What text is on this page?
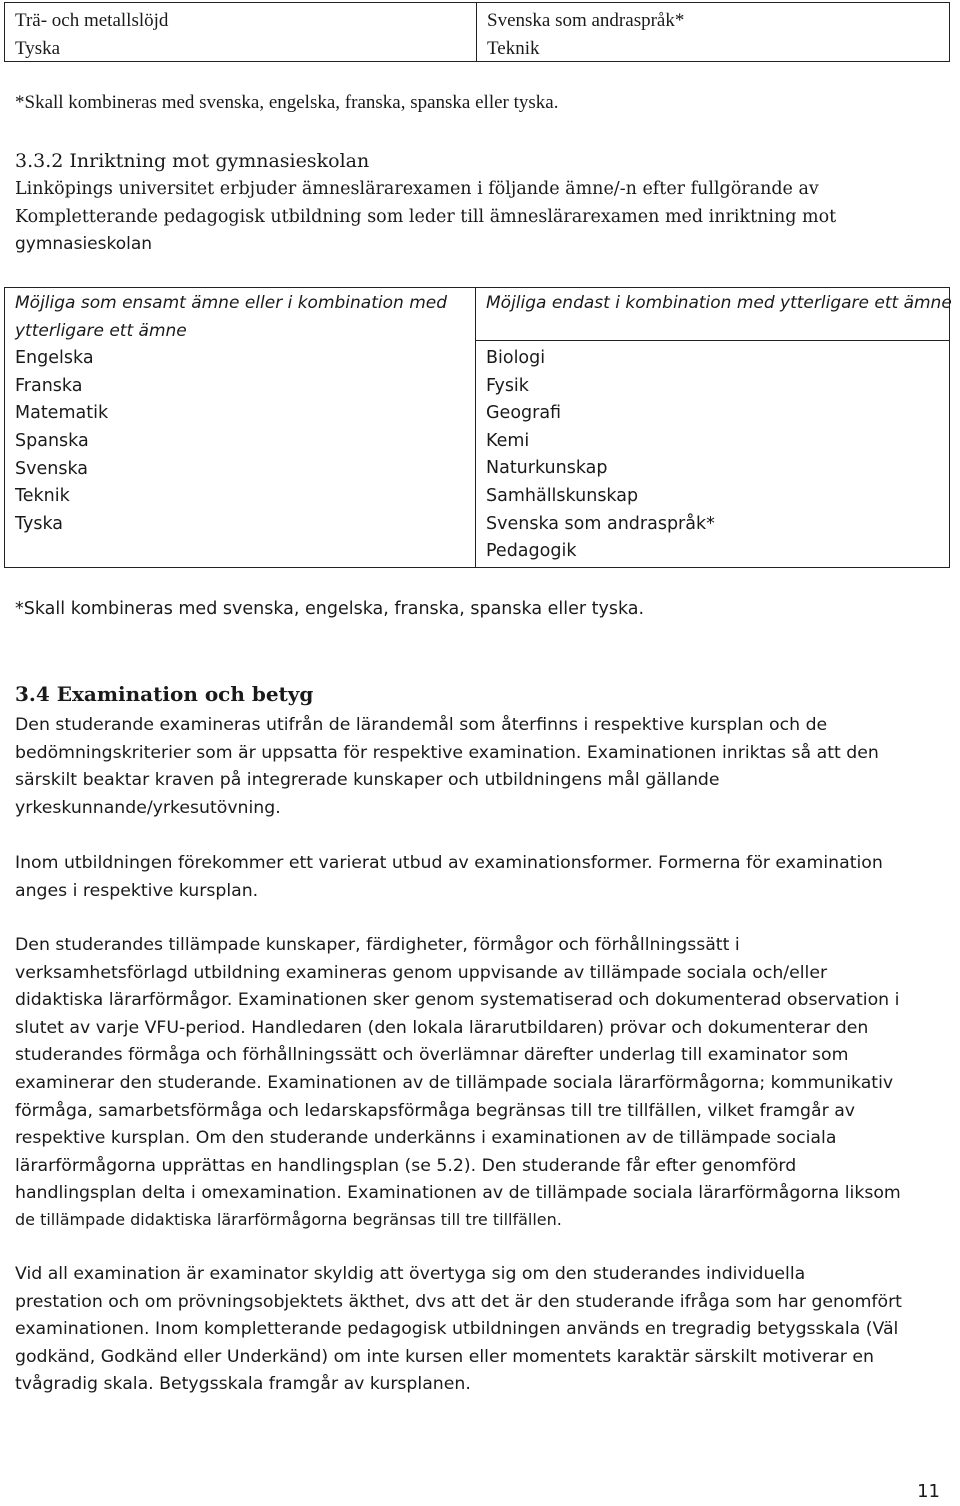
Trä- och metallslöjd
Tyska
Svenska som andraspråk*
Teknik
*Skall kombineras med svenska, engelska, franska, spanska eller tyska.
3.3.2 Inriktning mot gymnasieskolan
Linköpings universitet erbjuder ämneslärarexamen i följande ämne/-n efter fullgörande av
Kompletterande pedagogisk utbildning som leder till ämneslärarexamen med inriktning mot
gymnasieskolan
Möjliga som ensamt ämne eller i kombination med
ytterligare ett ämne
Engelska
Franska
Matematik
Spanska
Svenska
Teknik
Tyska
Möjliga endast i kombination med ytterligare ett ämne
Biologi
Fysik
Geografi
Kemi
Naturkunskap
Samhällskunskap
Svenska som andraspråk*
Pedagogik
*Skall kombineras med svenska, engelska, franska, spanska eller tyska.
3.4 Examination och betyg
Den studerande examineras utifrån de lärandemål som återfinns i respektive kursplan och de
bedömningskriterier som är uppsatta för respektive examination. Examinationen inriktas så att den
särskilt beaktar kraven på integrerade kunskaper och utbildningens mål gällande
yrkeskunnande/yrkesutövning.
Inom utbildningen förekommer ett varierat utbud av examinationsformer. Formerna för examination
anges i respektive kursplan.
Den studerandes tillämpade kunskaper, färdigheter, förmågor och förhållningssätt i
verksamhetsförlagd utbildning examineras genom uppvisande av tillämpade sociala och/eller
didaktiska lärarförmågor. Examinationen sker genom systematiserad och dokumenterad observation i
slutet av varje VFU-period. Handledaren (den lokala lärarutbildaren) prövar och dokumenterar den
studerandes förmåga och förhållningssätt och överlämnar därefter underlag till examinator som
examinerar den studerande. Examinationen av de tillämpade sociala lärarförmågorna; kommunikativ
förmåga, samarbetsförmåga och ledarskapsförmåga begränsas till tre tillfällen, vilket framgår av
respektive kursplan. Om den studerande underkänns i examinationen av de tillämpade sociala
lärarförmågorna upprättas en handlingsplan (se 5.2). Den studerande får efter genomförd
handlingsplan delta i omexamination. Examinationen av de tillämpade sociala lärarförmågorna liksom
de tillämpade didaktiska lärarförmågorna begränsas till tre tillfällen.
Vid all examination är examinator skyldig att övertyga sig om den studerandes individuella
prestation och om prövningsobjektets äkthet, dvs att det är den studerande ifråga som har genomfört
examinationen. Inom kompletterande pedagogisk utbildningen används en tregradig betygsskala (Väl
godkänd, Godkänd eller Underkänd) om inte kursen eller momentets karaktär särskilt motiverar en
tvågradig skala. Betygsskala framgår av kursplanen.
11
